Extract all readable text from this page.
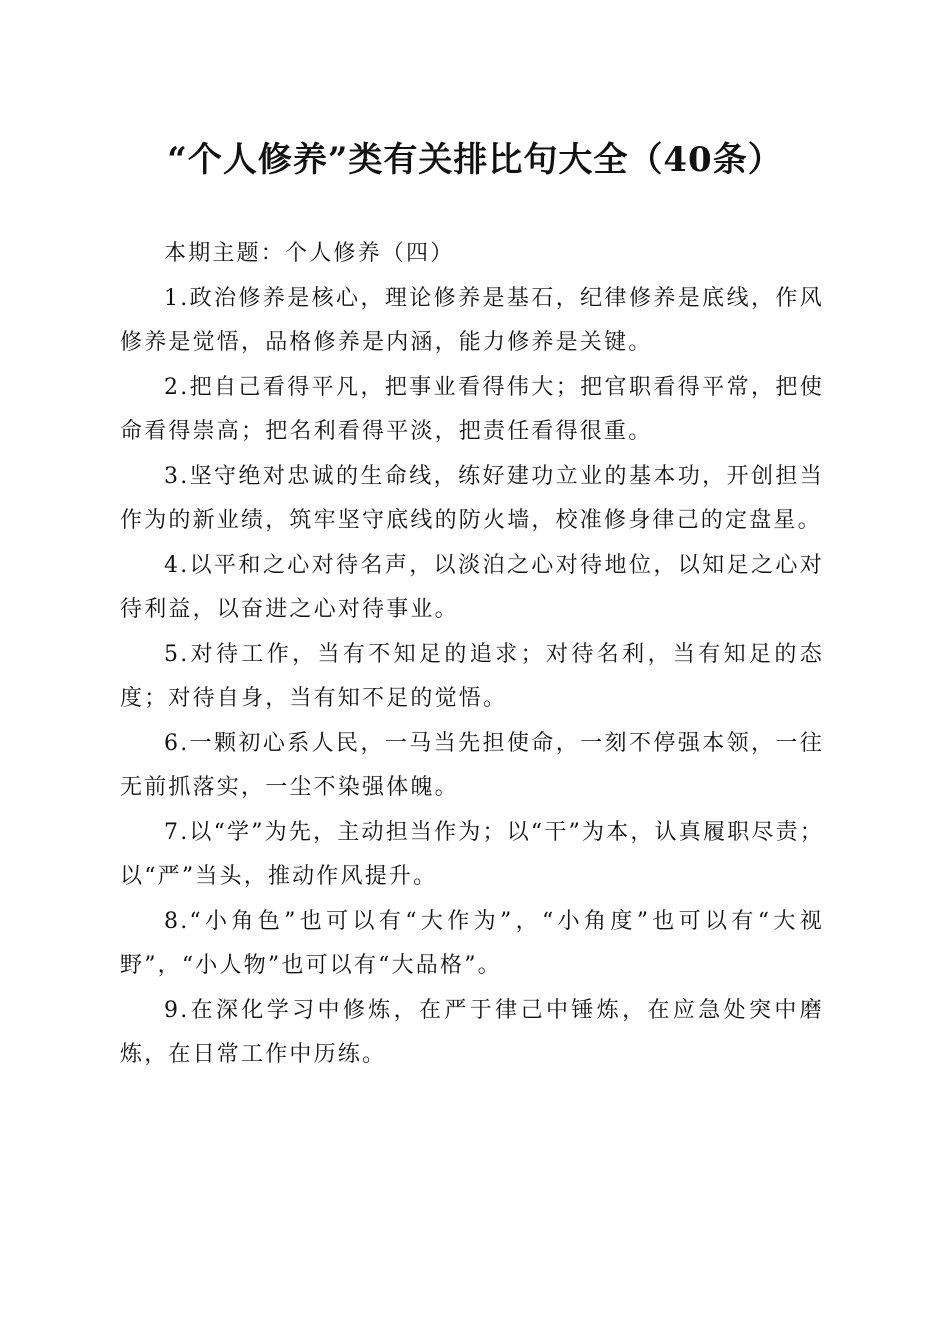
“个人修养”类有关排比句大全（40条）

本期主题：个人修养（四）

1.政治修养是核心，理论修养是基石，纪律修养是底线，作风修养是觉悟，品格修养是内涵，能力修养是关键。

2.把自己看得平凡，把事业看得伟大；把官职看得平常，把使命看得崇高；把名利看得平淡，把责任看得很重。

3.坚守绝对忠诚的生命线，练好建功立业的基本功，开创担当作为的新业绩，筑牢坚守底线的防火墙，校准修身律己的定盘星。

4.以平和之心对待名声，以淡泊之心对待地位，以知足之心对待利益，以奋进之心对待事业。

5.对待工作，当有不知足的追求；对待名利，当有知足的态度；对待自身，当有知不足的觉悟。

6.一颗初心系人民，一马当先担使命，一刻不停强本领，一往无前抓落实，一尘不染强体魄。

7.以“学”为先，主动担当作为；以“干”为本，认真履职尽责；以“严”当头，推动作风提升。

8.“小角色”也可以有“大作为”，“小角度”也可以有“大视野”，“小人物”也可以有“大品格”。

9.在深化学习中修炼，在严于律己中锤炼，在应急处突中磨炼，在日常工作中历练。
